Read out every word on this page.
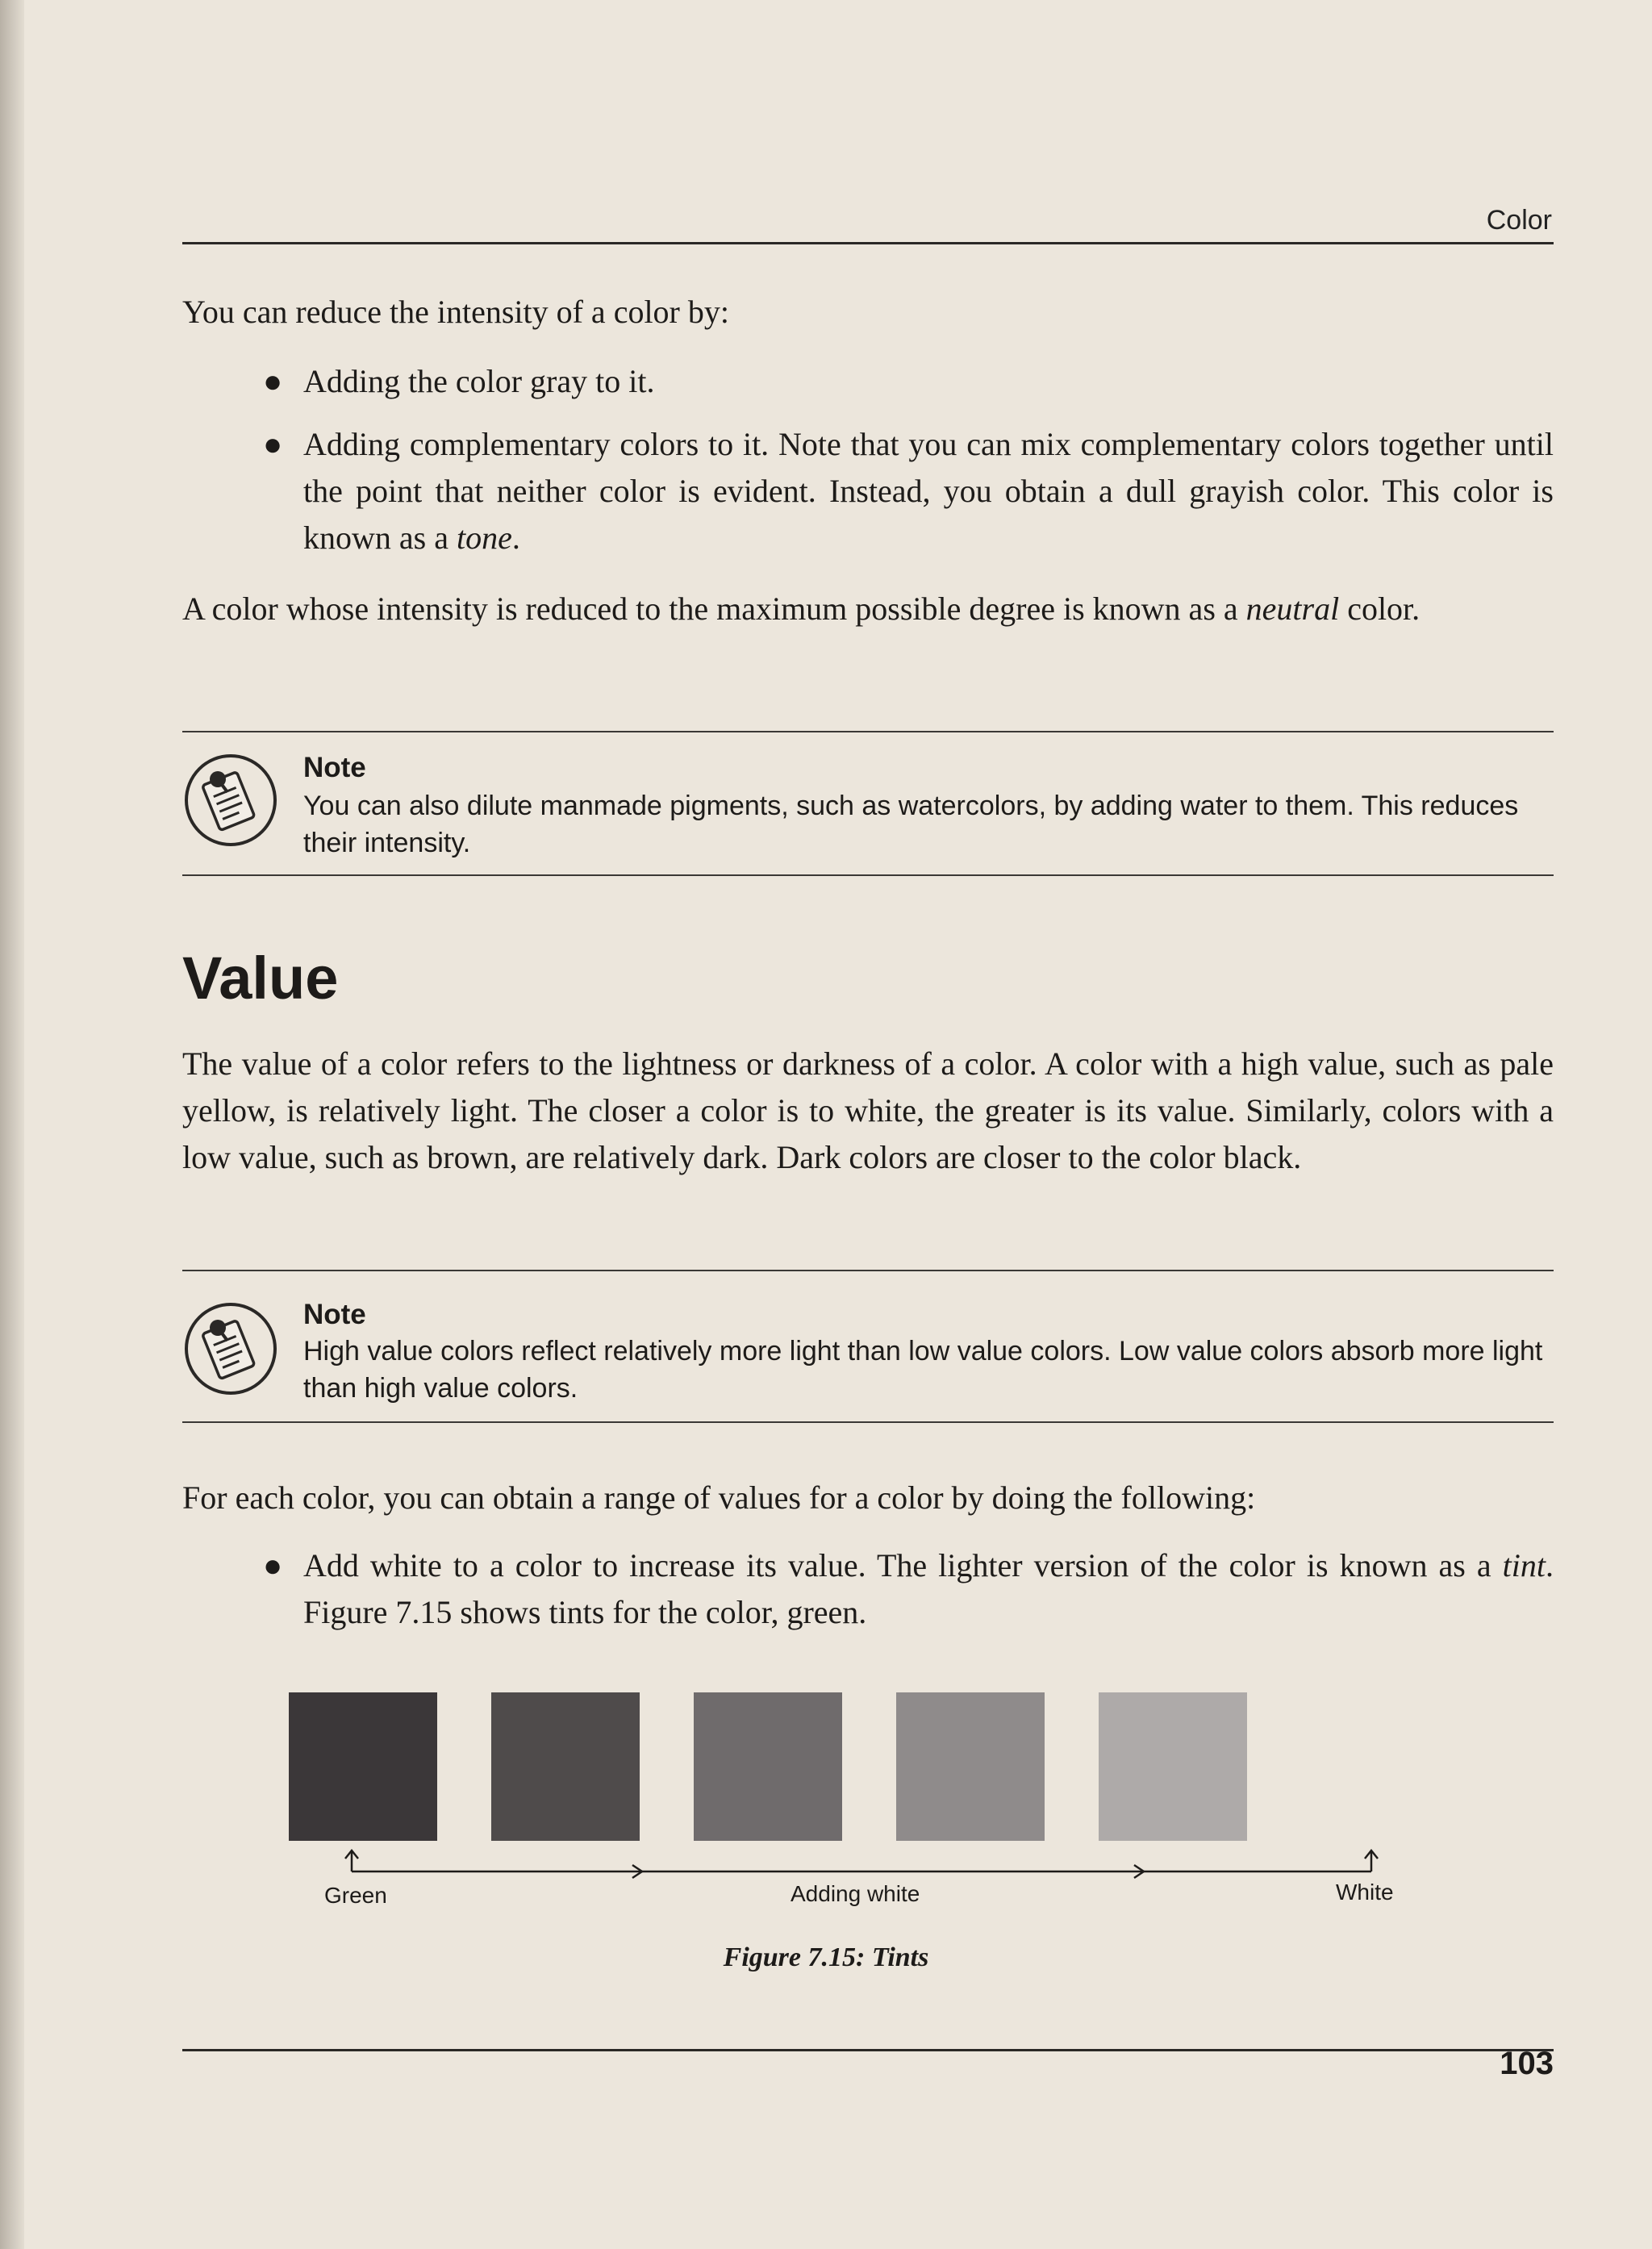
Color

You can reduce the intensity of a color by:

● Adding the color gray to it.

● Adding complementary colors to it. Note that you can mix complementary colors together until the point that neither color is evident. Instead, you obtain a dull grayish color. This color is known as a tone.

A color whose intensity is reduced to the maximum possible degree is known as a neutral color.

Note

You can also dilute manmade pigments, such as watercolors, by adding water to them. This reduces their intensity.

Value

The value of a color refers to the lightness or darkness of a color. A color with a high value, such as pale yellow, is relatively light. The closer a color is to white, the greater is its value. Similarly, colors with a low value, such as brown, are relatively dark. Dark colors are closer to the color black.

Note

High value colors reflect relatively more light than low value colors. Low value colors absorb more light than high value colors.

For each color, you can obtain a range of values for a color by doing the following:

● Add white to a color to increase its value. The lighter version of the color is known as a tint. Figure 7.15 shows tints for the color, green.

Green	Adding white	White
Figure 7.15: Tints
103
